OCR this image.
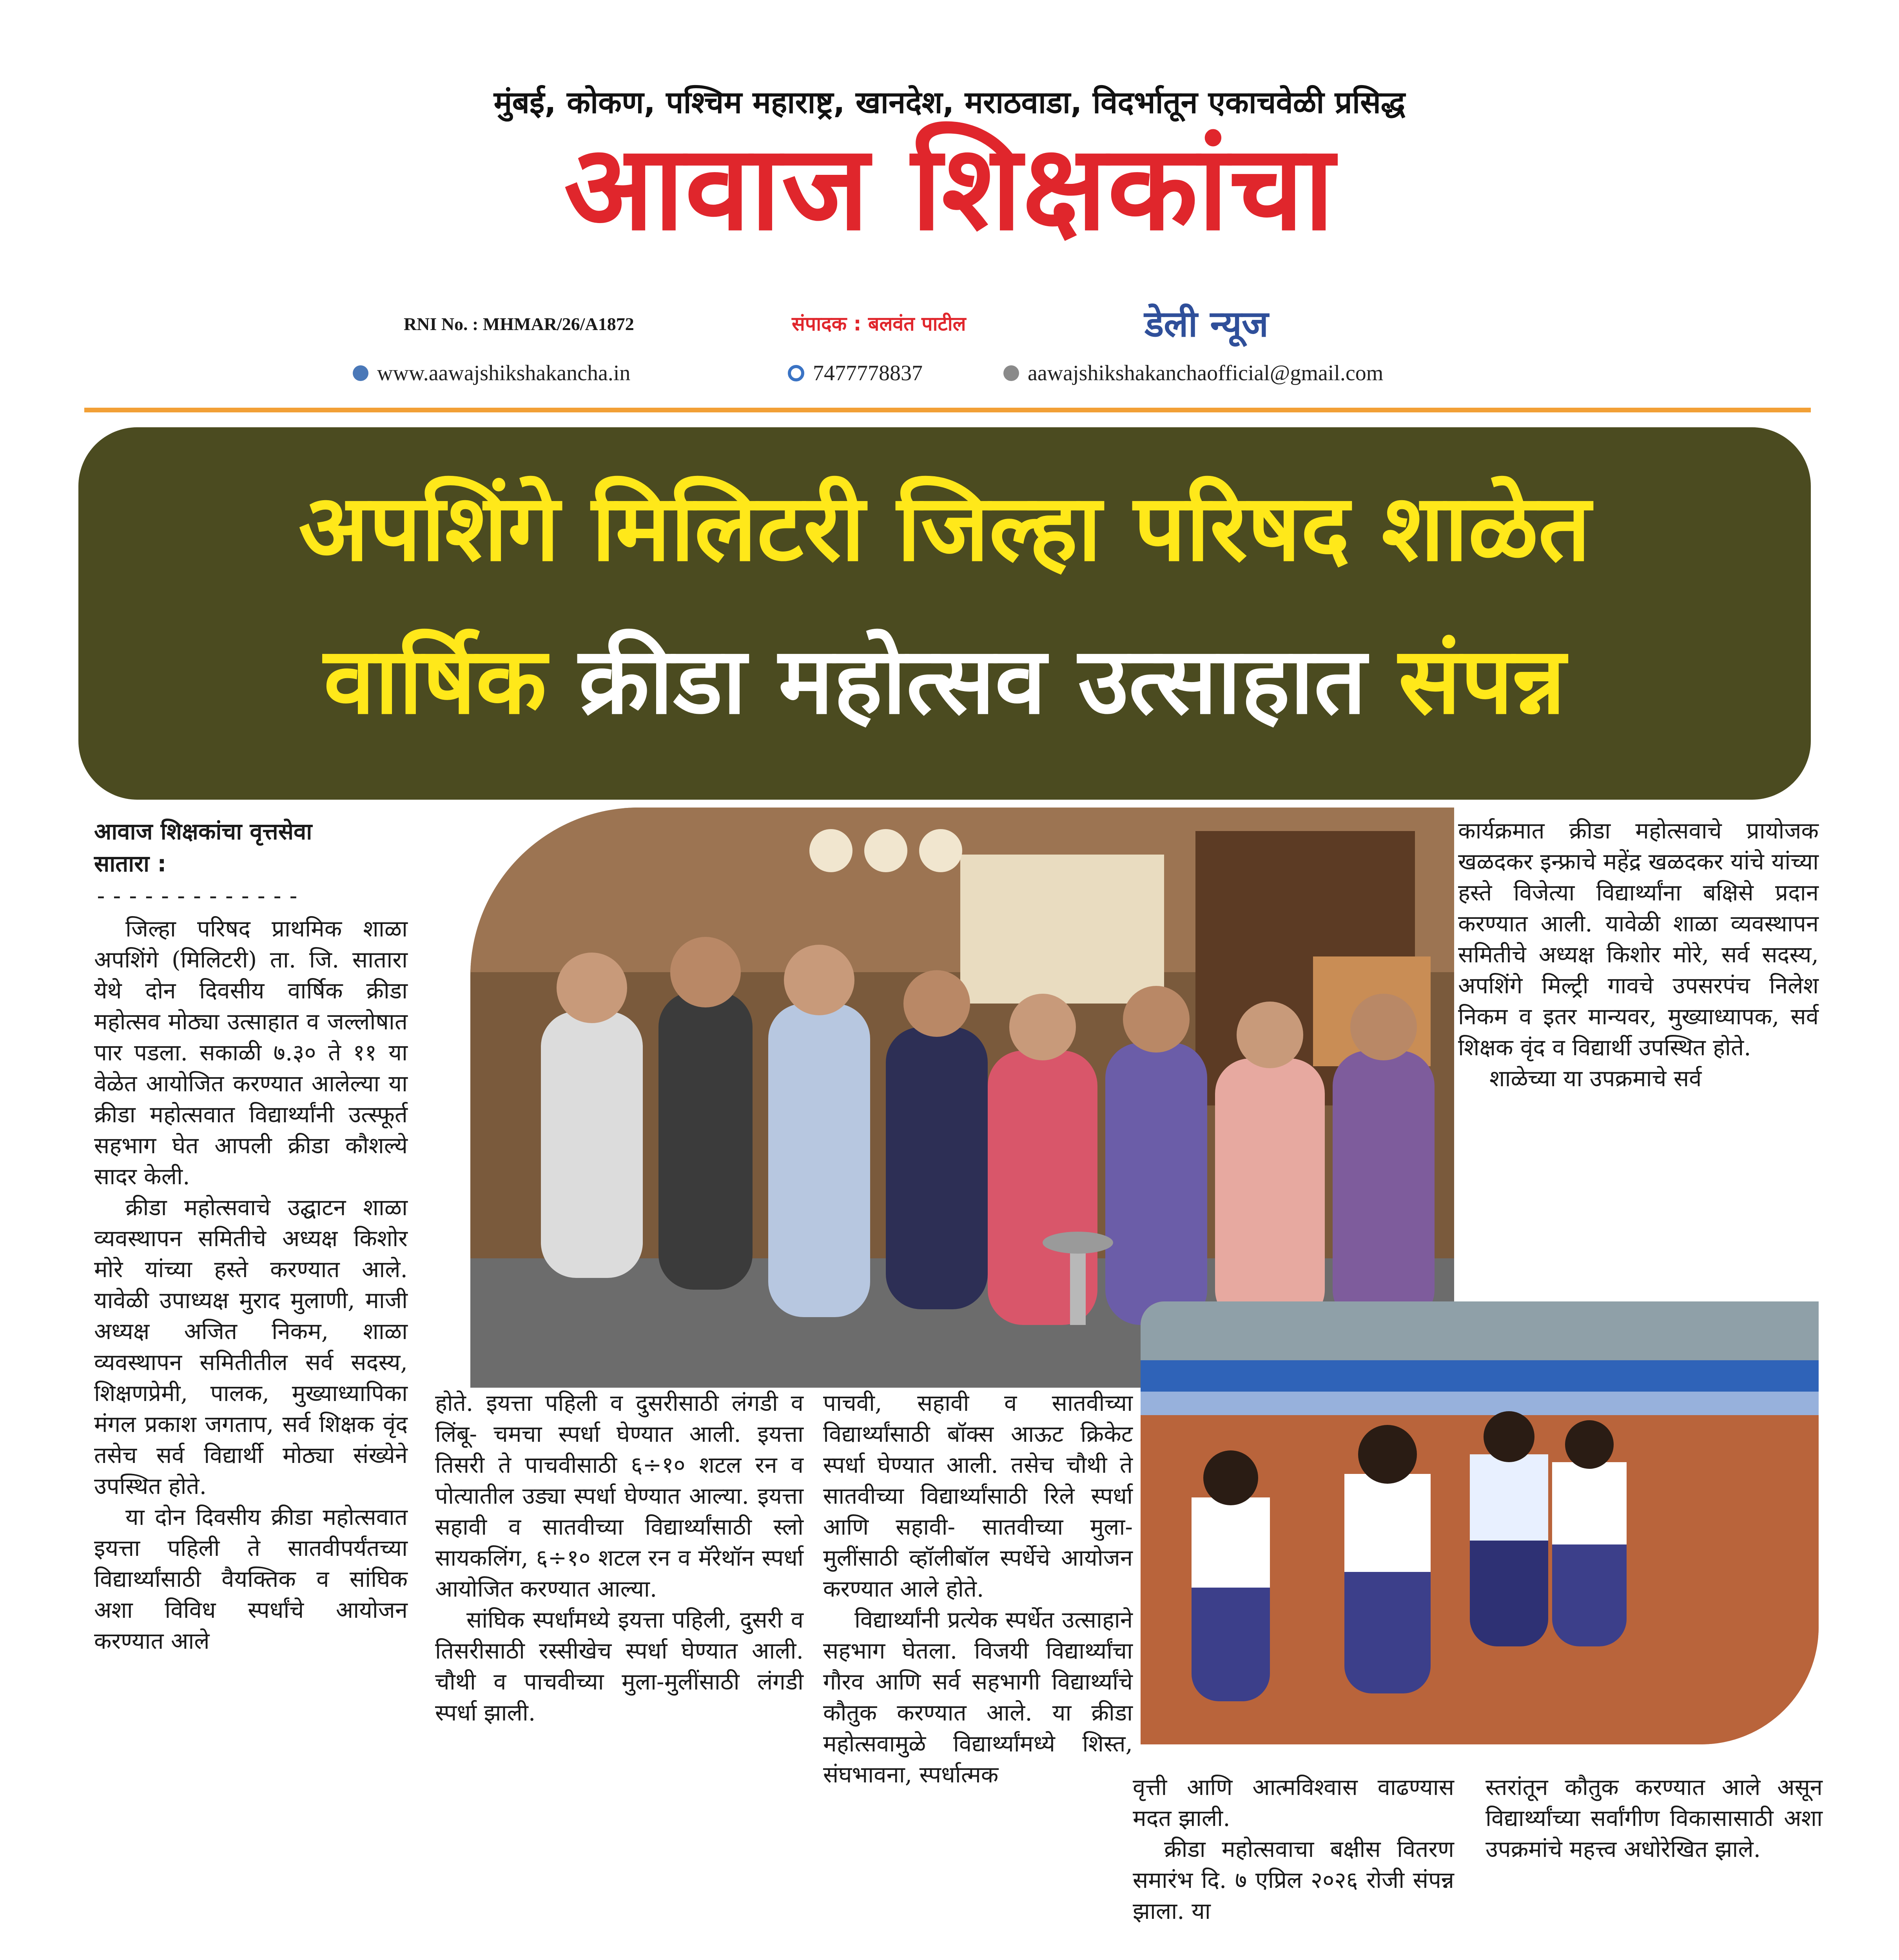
मुंबई, कोकण, पश्चिम महाराष्ट्र, खानदेश, मराठवाडा, विदर्भातून एकाचवेळी प्रसिद्ध
आवाज शिक्षकांचा
RNI No. : MHMAR/26/A1872	संपादक : बलवंत पाटील	डेली न्यूज
www.aawajshikshakancha.in	7477778837	aawajshikshakanchaofficial@gmail.com
अपशिंगे मिलिटरी जिल्हा परिषद शाळेत
वार्षिक क्रीडा महोत्सव उत्साहात संपन्न
आवाज शिक्षकांचा वृत्तसेवा
सातारा :
-------------

जिल्हा परिषद प्राथमिक शाळा अपशिंगे (मिलिटरी) ता. जि. सातारा येथे दोन दिवसीय वार्षिक क्रीडा महोत्सव मोठ्या उत्साहात व जल्लोषात पार पडला. सकाळी ७.३० ते ११ या वेळेत आयोजित करण्यात आलेल्या या क्रीडा महोत्सवात विद्यार्थ्यांनी उत्स्फूर्त सहभाग घेत आपली क्रीडा कौशल्ये सादर केली.

क्रीडा महोत्सवाचे उद्घाटन शाळा व्यवस्थापन समितीचे अध्यक्ष किशोर मोरे यांच्या हस्ते करण्यात आले. यावेळी उपाध्यक्ष मुराद मुलाणी, माजी अध्यक्ष अजित निकम, शाळा व्यवस्थापन समितीतील सर्व सदस्य, शिक्षणप्रेमी, पालक, मुख्याध्यापिका मंगल प्रकाश जगताप, सर्व शिक्षक वृंद तसेच सर्व विद्यार्थी मोठ्या संख्येने उपस्थित होते.

या दोन दिवसीय क्रीडा महोत्सवात इयत्ता पहिली ते सातवीपर्यंतच्या विद्यार्थ्यांसाठी वैयक्तिक व सांघिक अशा विविध स्पर्धांचे आयोजन करण्यात आले

होते. इयत्ता पहिली व दुसरीसाठी लंगडी व लिंबू- चमचा स्पर्धा घेण्यात आली. इयत्ता तिसरी ते पाचवीसाठी ६÷१० शटल रन व पोत्यातील उड्या स्पर्धा घेण्यात आल्या. इयत्ता सहावी व सातवीच्या विद्यार्थ्यांसाठी स्लो सायकलिंग, ६÷१० शटल रन व मॅरेथॉन स्पर्धा आयोजित करण्यात आल्या.

सांघिक स्पर्धांमध्ये इयत्ता पहिली, दुसरी व तिसरीसाठी रस्सीखेच स्पर्धा घेण्यात आली. चौथी व पाचवीच्या मुला-मुलींसाठी लंगडी स्पर्धा झाली.

पाचवी, सहावी व सातवीच्या विद्यार्थ्यांसाठी बॉक्स आऊट क्रिकेट स्पर्धा घेण्यात आली. तसेच चौथी ते सातवीच्या विद्यार्थ्यांसाठी रिले स्पर्धा आणि सहावी- सातवीच्या मुला-मुलींसाठी व्हॉलीबॉल स्पर्धेचे आयोजन करण्यात आले होते.

विद्यार्थ्यांनी प्रत्येक स्पर्धेत उत्साहाने सहभाग घेतला. विजयी विद्यार्थ्यांचा गौरव आणि सर्व सहभागी विद्यार्थ्यांचे कौतुक करण्यात आले. या क्रीडा महोत्सवामुळे विद्यार्थ्यांमध्ये शिस्त, संघभावना, स्पर्धात्मक

कार्यक्रमात क्रीडा महोत्सवाचे प्रायोजक खळदकर इन्फ्राचे महेंद्र खळदकर यांचे यांच्या हस्ते विजेत्या विद्यार्थ्यांना बक्षिसे प्रदान करण्यात आली. यावेळी शाळा व्यवस्थापन समितीचे अध्यक्ष किशोर मोरे, सर्व सदस्य, अपशिंगे मिल्ट्री गावचे उपसरपंच निलेश निकम व इतर मान्यवर, मुख्याध्यापक, सर्व शिक्षक वृंद व विद्यार्थी उपस्थित होते.

शाळेच्या या उपक्रमाचे सर्व

वृत्ती आणि आत्मविश्वास वाढण्यास मदत झाली.

क्रीडा महोत्सवाचा बक्षीस वितरण समारंभ दि. ७ एप्रिल २०२६ रोजी संपन्न झाला. या

स्तरांतून कौतुक करण्यात आले असून विद्यार्थ्यांच्या सर्वांगीण विकासासाठी अशा उपक्रमांचे महत्त्व अधोरेखित झाले.
